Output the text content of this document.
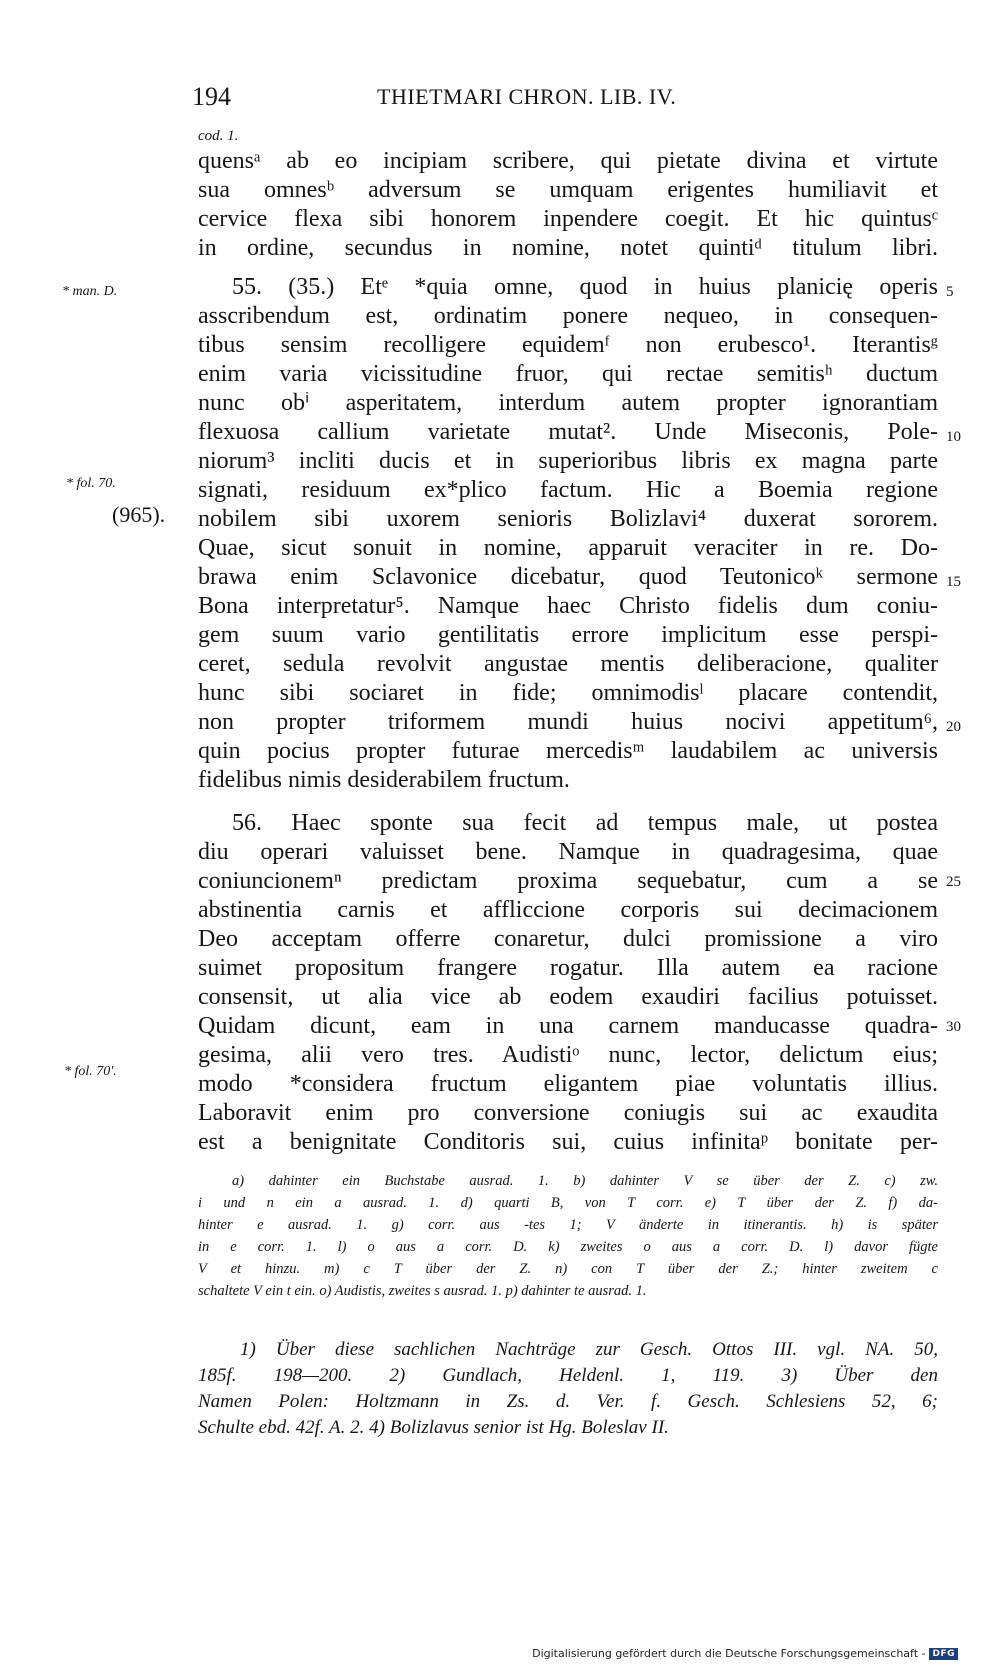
194	THIETMARI CHRON. LIB. IV.
cod. 1.
* man. D.
* fol. 70.
(965).
* fol. 70'.
quensᵃ ab eo incipiam scribere, qui pietate divina et virtute
sua omnesᵇ adversum se umquam erigentes humiliavit et
cervice flexa sibi honorem inpendere coegit. Et hic quintusᶜ
in ordine, secundus in nomine, notet quintiᵈ titulum libri.
55. (35.) Etᵉ *quia omne, quod in huius planicię operis
asscribendum est, ordinatim ponere nequeo, in consequen-
tibus sensim recolligere equidemᶠ non erubesco¹. Iterantisᵍ
enim varia vicissitudine fruor, qui rectae semitisʰ ductum
nunc obⁱ asperitatem, interdum autem propter ignorantiam
flexuosa callium varietate mutat². Unde Miseconis, Pole-
niorum³ incliti ducis et in superioribus libris ex magna parte
signati, residuum ex*plico factum. Hic a Boemia regione
nobilem sibi uxorem senioris Bolizlavi⁴ duxerat sororem.
Quae, sicut sonuit in nomine, apparuit veraciter in re. Do-
brawa enim Sclavonice dicebatur, quod Teutonicoᵏ sermone
Bona interpretatur⁵. Namque haec Christo fidelis dum coniu-
gem suum vario gentilitatis errore implicitum esse perspi-
ceret, sedula revolvit angustae mentis deliberacione, qualiter
hunc sibi sociaret in fide; omnimodisˡ placare contendit,
non propter triformem mundi huius nocivi appetitum⁶,
quin pocius propter futurae mercedisᵐ laudabilem ac universis
fidelibus nimis desiderabilem fructum.
56. Haec sponte sua fecit ad tempus male, ut postea
diu operari valuisset bene. Namque in quadragesima, quae
coniuncionemⁿ predictam proxima sequebatur, cum a se
abstinentia carnis et affliccione corporis sui decimacionem
Deo acceptam offerre conaretur, dulci promissione a viro
suimet propositum frangere rogatur. Illa autem ea racione
consensit, ut alia vice ab eodem exaudiri facilius potuisset.
Quidam dicunt, eam in una carnem manducasse quadra-
gesima, alii vero tres. Audistiᵒ nunc, lector, delictum eius;
modo *considera fructum eligantem piae voluntatis illius.
Laboravit enim pro conversione coniugis sui ac exaudita
est a benignitate Conditoris sui, cuius infinitaᵖ bonitate per-
5
10
15
20
25
30
a) dahinter ein Buchstabe ausrad. 1. b) dahinter V se über der Z. c) zw.
i und n ein a ausrad. 1. d) quarti B, von T corr. e) T über der Z. f) da-
hinter e ausrad. 1. g) corr. aus -tes 1; V änderte in itinerantis. h) is später
in e corr. 1. l) o aus a corr. D. k) zweites o aus a corr. D. l) davor fügte
V et hinzu. m) c T über der Z. n) con T über der Z.; hinter zweitem c
schaltete V ein t ein. o) Audistis, zweites s ausrad. 1. p) dahinter te ausrad. 1.
1) Über diese sachlichen Nachträge zur Gesch. Ottos III. vgl. NA. 50,
185f. 198—200. 2) Gundlach, Heldenl. 1, 119. 3) Über den
Namen Polen: Holtzmann in Zs. d. Ver. f. Gesch. Schlesiens 52, 6;
Schulte ebd. 42f. A. 2. 4) Bolizlavus senior ist Hg. Boleslav II.
Digitalisierung gefördert durch die Deutsche Forschungsgemeinschaft - DFG
